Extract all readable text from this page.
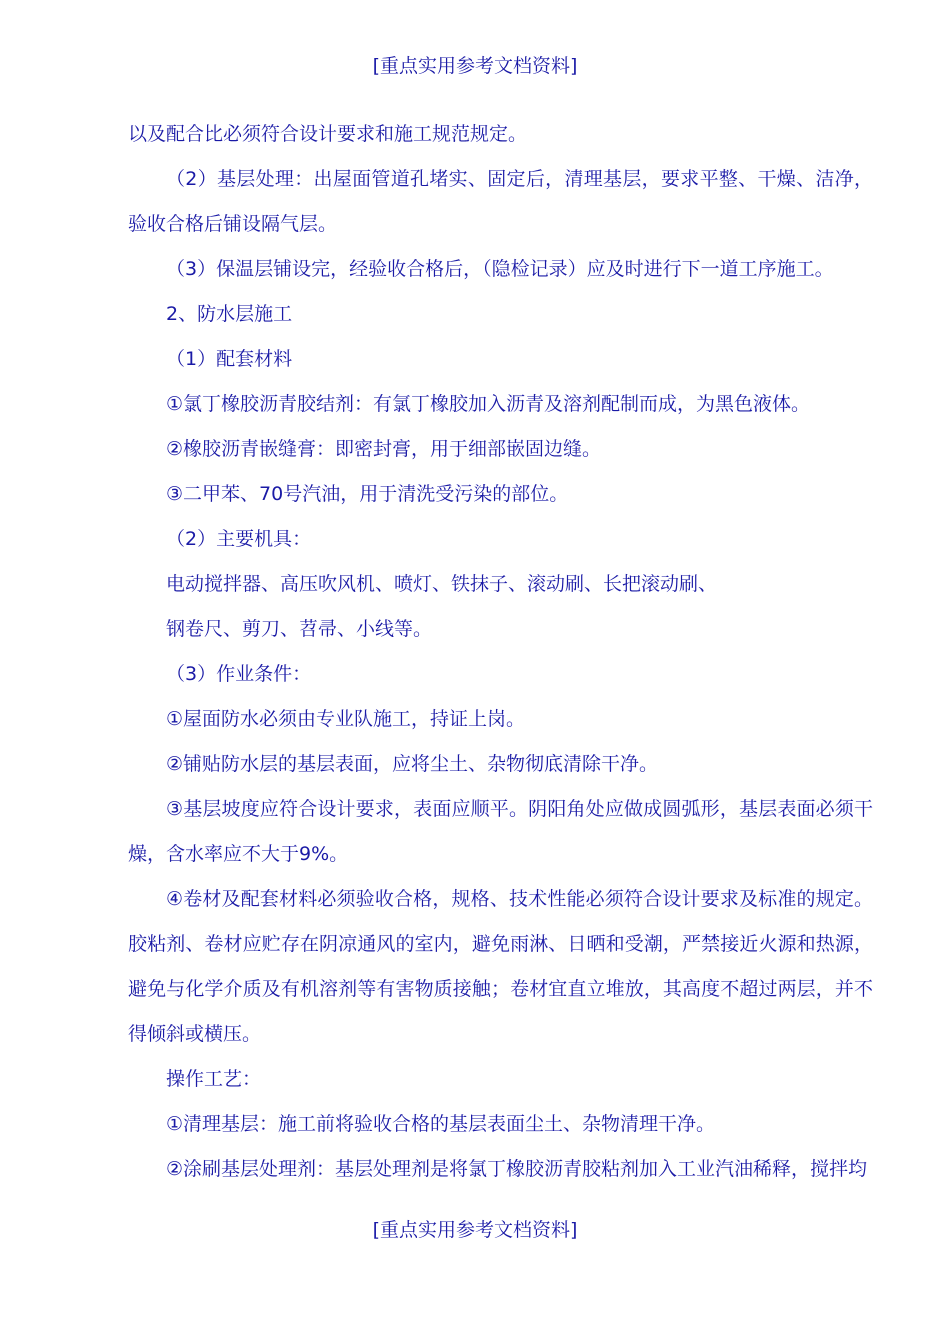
[重点实用参考文档资料]

以及配合比必须符合设计要求和施工规范规定。

（2）基层处理：出屋面管道孔堵实、固定后，清理基层，要求平整、干燥、洁净，验收合格后铺设隔气层。

（3）保温层铺设完，经验收合格后，（隐检记录）应及时进行下一道工序施工。

2、防水层施工

（1）配套材料

①氯丁橡胶沥青胶结剂：有氯丁橡胶加入沥青及溶剂配制而成，为黑色液体。

②橡胶沥青嵌缝膏：即密封膏，用于细部嵌固边缝。

③二甲苯、70号汽油，用于清洗受污染的部位。

（2）主要机具：

电动搅拌器、高压吹风机、喷灯、铁抹子、滚动刷、长把滚动刷、

钢卷尺、剪刀、苕帚、小线等。

（3）作业条件：

①屋面防水必须由专业队施工，持证上岗。

②铺贴防水层的基层表面，应将尘土、杂物彻底清除干净。

③基层坡度应符合设计要求，表面应顺平。阴阳角处应做成圆弧形，基层表面必须干燥，含水率应不大于9%。

④卷材及配套材料必须验收合格，规格、技术性能必须符合设计要求及标准的规定。胶粘剂、卷材应贮存在阴凉通风的室内，避免雨淋、日晒和受潮，严禁接近火源和热源，避免与化学介质及有机溶剂等有害物质接触；卷材宜直立堆放，其高度不超过两层，并不得倾斜或横压。

操作工艺：

①清理基层：施工前将验收合格的基层表面尘土、杂物清理干净。

②涂刷基层处理剂：基层处理剂是将氯丁橡胶沥青胶粘剂加入工业汽油稀释，搅拌均

[重点实用参考文档资料]
